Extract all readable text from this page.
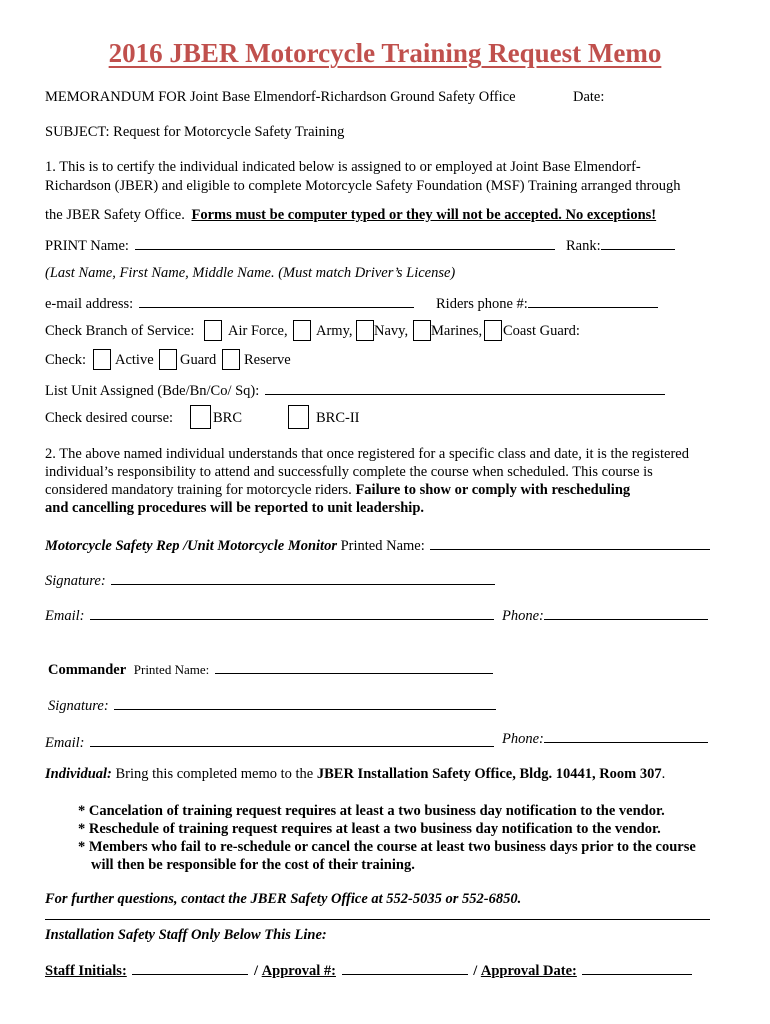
2016 JBER Motorcycle Training Request Memo
MEMORANDUM FOR Joint Base Elmendorf-Richardson Ground Safety Office	Date:
SUBJECT: Request for Motorcycle Safety Training
1. This is to certify the individual indicated below is assigned to or employed at Joint Base Elmendorf-
Richardson (JBER) and eligible to complete Motorcycle Safety Foundation (MSF) Training arranged through
the JBER Safety Office. Forms must be computer typed or they will not be accepted. No exceptions!
PRINT Name:	Rank:
(Last Name, First Name, Middle Name. (Must match Driver’s License)
e-mail address:	Riders phone #:
Check Branch of Service: Air Force, Army, Navy, Marines, Coast Guard:
Check: Active Guard Reserve
List Unit Assigned (Bde/Bn/Co/ Sq):
Check desired course:	BRC	BRC-II
2. The above named individual understands that once registered for a specific class and date, it is the registered
individual’s responsibility to attend and successfully complete the course when scheduled. This course is
considered mandatory training for motorcycle riders. Failure to show or comply with rescheduling
and cancelling procedures will be reported to unit leadership.
Motorcycle Safety Rep /Unit Motorcycle Monitor Printed Name:
Signature:
Email:	Phone:
Commander Printed Name:
Signature:
Email:	Phone:
Individual: Bring this completed memo to the JBER Installation Safety Office, Bldg. 10441, Room 307.
* Cancelation of training request requires at least a two business day notification to the vendor.
* Reschedule of training request requires at least a two business day notification to the vendor.
* Members who fail to re-schedule or cancel the course at least two business days prior to the course
will then be responsible for the cost of their training.
For further questions, contact the JBER Safety Office at 552-5035 or 552-6850.
Installation Safety Staff Only Below This Line:
Staff Initials:	/ Approval #:	/ Approval Date:
